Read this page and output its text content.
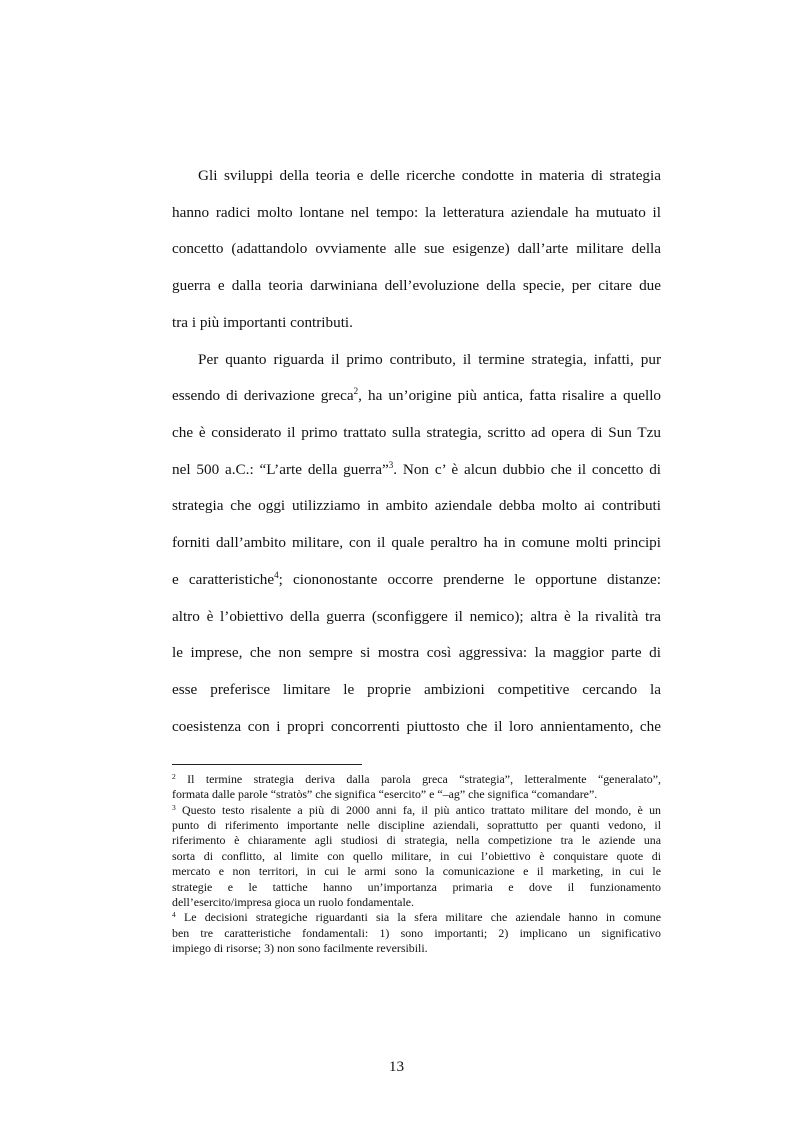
Gli sviluppi della teoria e delle ricerche condotte in materia di strategia
hanno radici molto lontane nel tempo: la letteratura aziendale ha mutuato il
concetto (adattandolo ovviamente alle sue esigenze) dall’arte militare della
guerra e dalla teoria darwiniana dell’evoluzione della specie, per citare due
tra i più importanti contributi.
Per quanto riguarda il primo contributo, il termine strategia, infatti, pur
essendo di derivazione greca$^2$, ha un’origine più antica, fatta risalire a quello
che è considerato il primo trattato sulla strategia, scritto ad opera di Sun Tzu
nel 500 a.C.: “L’arte della guerra”$^3$. Non c’ è alcun dubbio che il concetto di
strategia che oggi utilizziamo in ambito aziendale debba molto ai contributi
forniti dall’ambito militare, con il quale peraltro ha in comune molti principi
e caratteristiche$^4$; ciononostante occorre prenderne le opportune distanze:
altro è l’obiettivo della guerra (sconfiggere il nemico); altra è la rivalità tra
le imprese, che non sempre si mostra così aggressiva: la maggior parte di
esse preferisce limitare le proprie ambizioni competitive cercando la
coesistenza con i propri concorrenti piuttosto che il loro annientamento, che
$^2$ Il termine strategia deriva dalla parola greca “strategia”, letteralmente “generalato”,
formata dalle parole “stratòs” che significa “esercito” e “–ag” che significa “comandare”.
$^3$ Questo testo risalente a più di 2000 anni fa, il più antico trattato militare del mondo, è un
punto di riferimento importante nelle discipline aziendali, soprattutto per quanti vedono, il
riferimento è chiaramente agli studiosi di strategia, nella competizione tra le aziende una
sorta di conflitto, al limite con quello militare, in cui l’obiettivo è conquistare quote di
mercato e non territori, in cui le armi sono la comunicazione e il marketing, in cui le
strategie e le tattiche hanno un’importanza primaria e dove il funzionamento
dell’esercito/impresa gioca un ruolo fondamentale.
$^4$ Le decisioni strategiche riguardanti sia la sfera militare che aziendale hanno in comune
ben tre caratteristiche fondamentali: 1) sono importanti; 2) implicano un significativo
impiego di risorse; 3) non sono facilmente reversibili.
13
